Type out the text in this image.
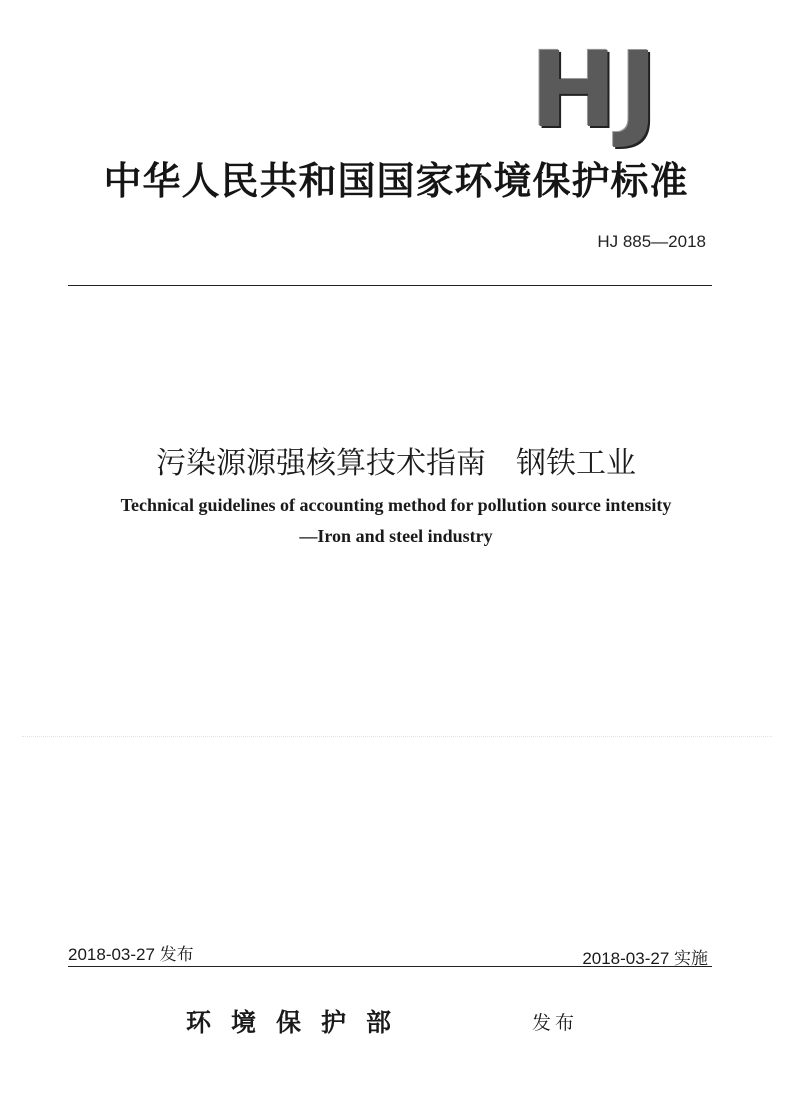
HJ
中华人民共和国国家环境保护标准
HJ 885—2018
污染源源强核算技术指南 钢铁工业
Technical guidelines of accounting method for pollution source intensity
—Iron and steel industry
2018-03-27 发布	2018-03-27 实施
环境保护部	发布
